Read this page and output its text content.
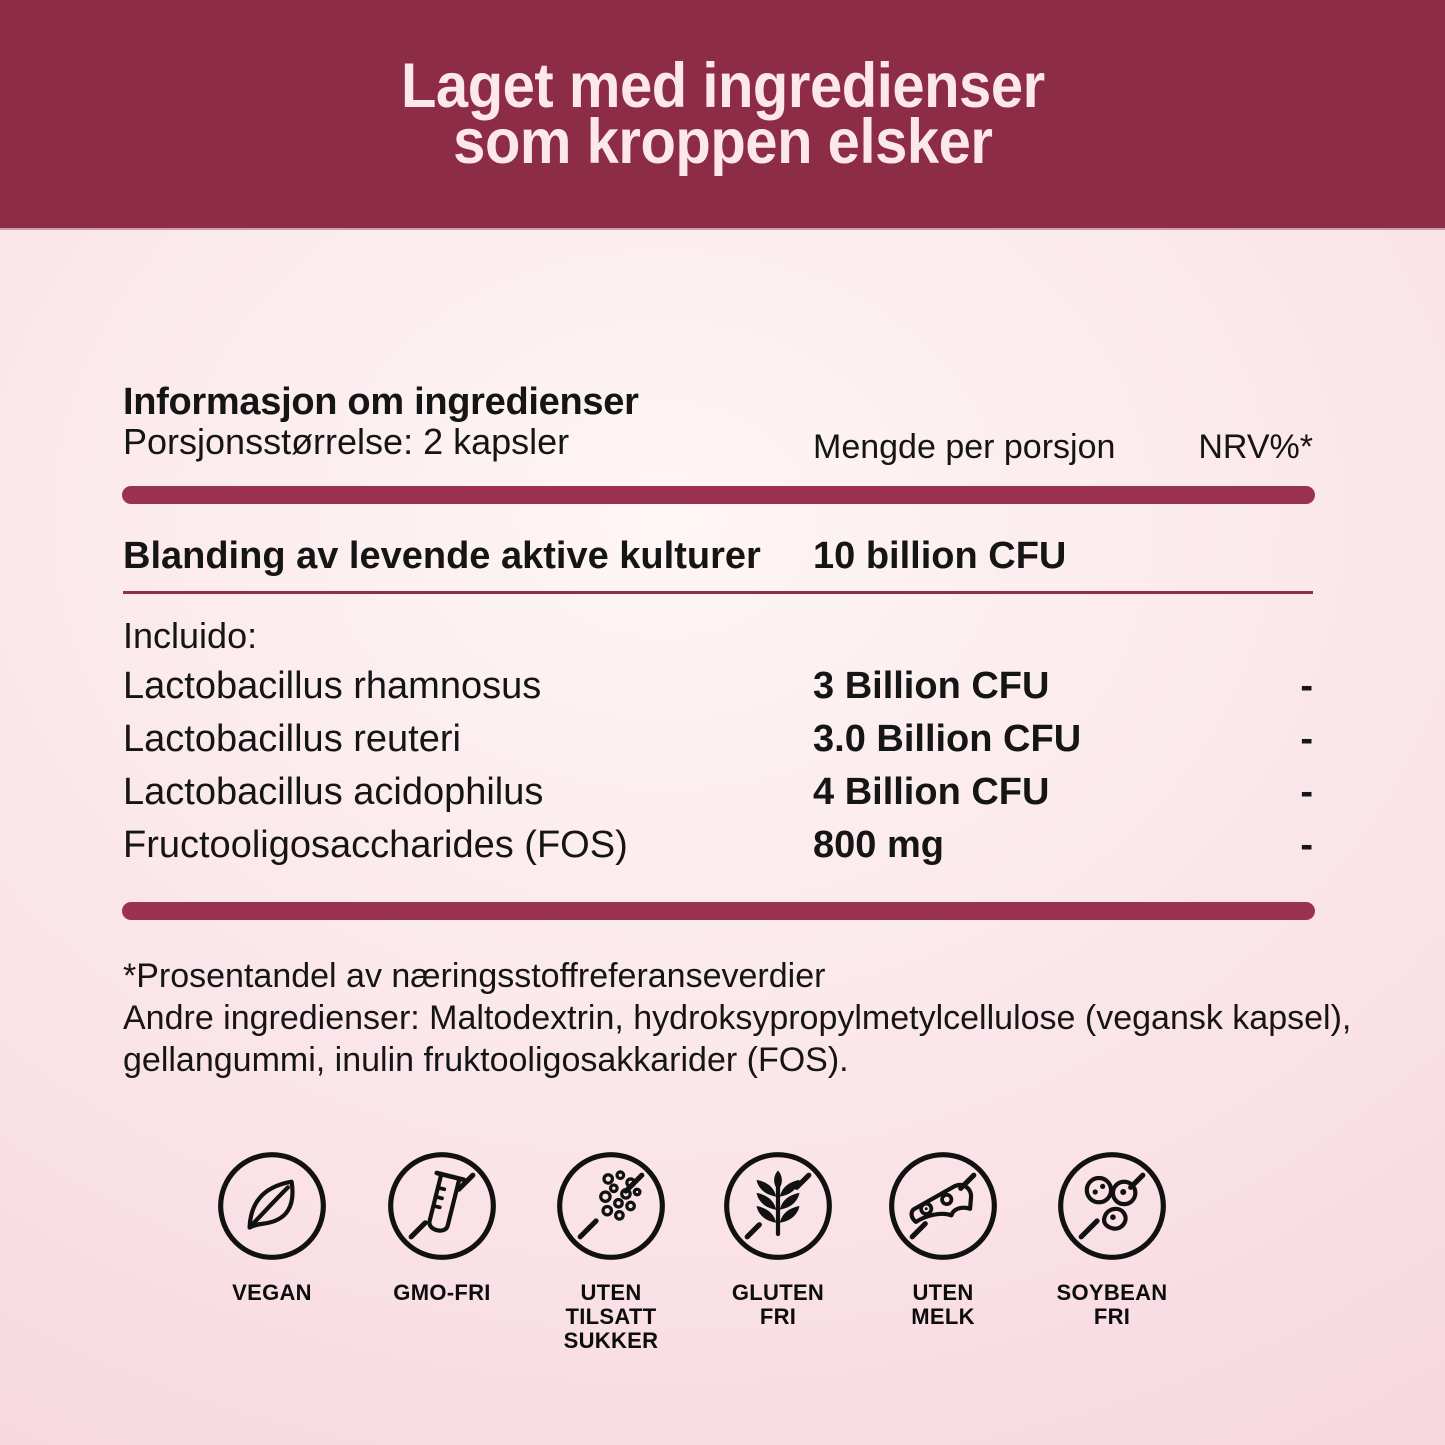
Laget med ingredienser
som kroppen elsker
Informasjon om ingredienser
Porsjonsstørrelse: 2 kapsler	Mengde per porsjon	NRV%*
Blanding av levende aktive kulturer	10 billion CFU
Incluido:
Lactobacillus rhamnosus	3 Billion CFU	-
Lactobacillus reuteri	3.0 Billion CFU	-
Lactobacillus acidophilus	4 Billion CFU	-
Fructooligosaccharides (FOS)	800 mg	-
*Prosentandel av næringsstoffreferanseverdier
Andre ingredienser: Maltodextrin, hydroksypropylmetylcellulose (vegansk kapsel),
gellangummi, inulin fruktooligosakkarider (FOS).
VEGAN	GMO-FRI	UTEN
TILSATT
SUKKER
GLUTEN
FRI
UTEN
MELK
SOYBEAN
FRI
